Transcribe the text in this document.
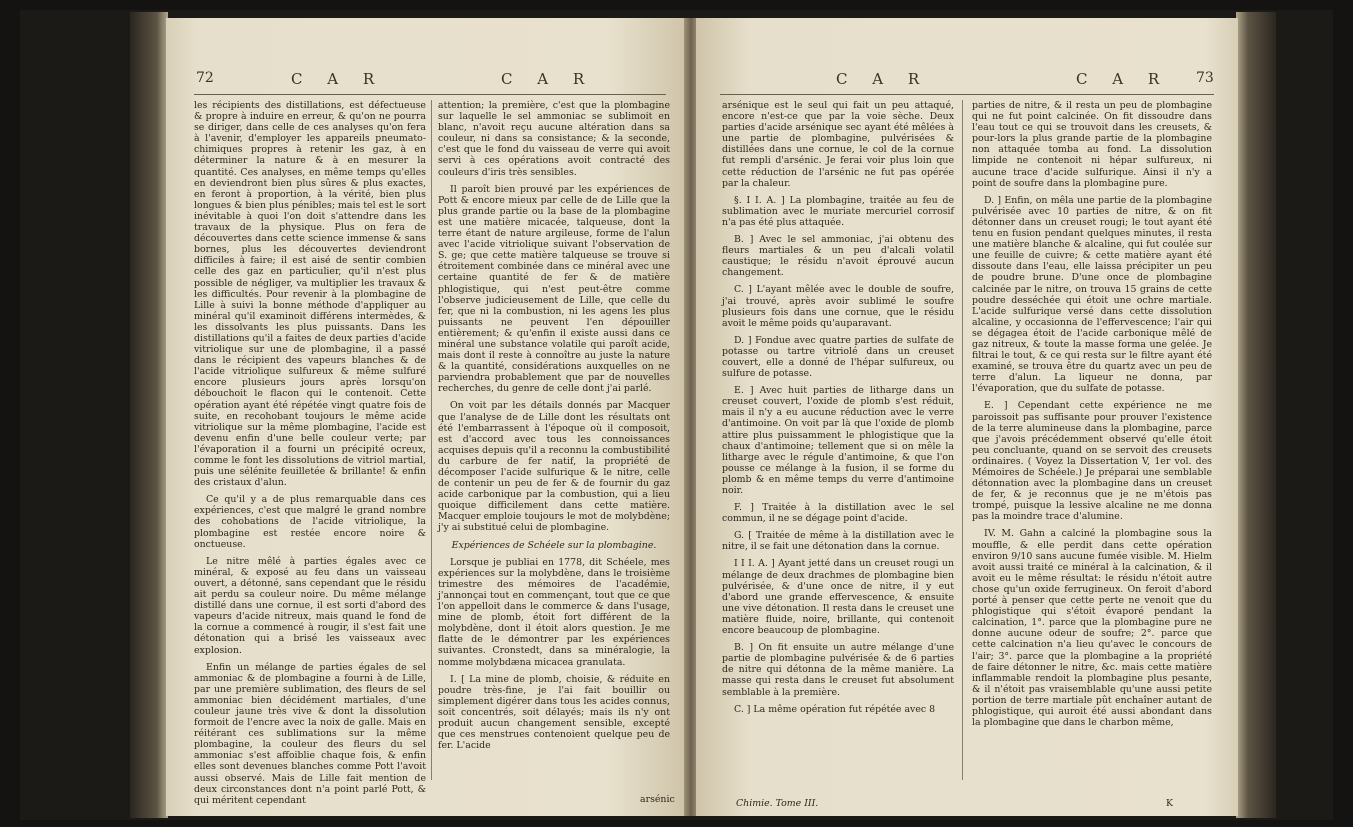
72	C A R	C A R

les récipients des distillations, est défectueuse & propre à induire en erreur, & qu'on ne pourra se diriger, dans celle de ces analyses qu'on fera à l'avenir, d'employer les appareils pneumato-chimiques propres à retenir les gaz, à en déterminer la nature & à en mesurer la quantité. Ces analyses, en même temps qu'elles en deviendront bien plus sûres & plus exactes, en feront à proportion, à la vérité, bien plus longues & bien plus pénibles; mais tel est le sort inévitable à quoi l'on doit s'attendre dans les travaux de la physique. Plus on fera de découvertes dans cette science immense & sans bornes, plus les découvertes deviendront difficiles à faire; il est aisé de sentir combien celle des gaz en particulier, qu'il n'est plus possible de négliger, va multiplier les travaux & les difficultés. Pour revenir à la plombagine de Lille à suivi la bonne méthode d'appliquer au minéral qu'il examinoit différens intermèdes, & les dissolvants les plus puissants. Dans les distillations qu'il a faites de deux parties d'acide vitriolique sur une de plombagine, il a passé dans le récipient des vapeurs blanches & de l'acide vitriolique sulfureux & même sulfuré encore plusieurs jours après lorsqu'on débouchoit le flacon qui le contenoit. Cette opération ayant été répétée vingt quatre fois de suite, en recohobant toujours le même acide vitriolique sur la même plombagine, l'acide est devenu enfin d'une belle couleur verte; par l'évaporation il a fourni un précipité ocreux, comme le font les dissolutions de vitriol martial, puis une sélénite feuilletée & brillante! & enfin des cristaux d'alun.

Ce qu'il y a de plus remarquable dans ces expériences, c'est que malgré le grand nombre des cohobations de l'acide vitriolique, la plombagine est restée encore noire & onctueuse.

Le nitre mêlé à parties égales avec ce minéral, & exposé au feu dans un vaisseau ouvert, a détonné, sans cependant que le résidu ait perdu sa couleur noire. Du même mélange distillé dans une cornue, il est sorti d'abord des vapeurs d'acide nitreux, mais quand le fond de la cornue a commencé à rougir, il s'est fait une détonation qui a brisé les vaisseaux avec explosion.

Enfin un mélange de parties égales de sel ammoniac & de plombagine a fourni à de Lille, par une première sublimation, des fleurs de sel ammoniac bien décidément martiales, d'une couleur jaune très vive & dont la dissolution formoit de l'encre avec la noix de galle. Mais en réitérant ces sublimations sur la même plombagine, la couleur des fleurs du sel ammoniac s'est affoiblie chaque fois, & enfin elles sont devenues blanches comme Pott l'avoit aussi observé. Mais de Lille fait mention de deux circonstances dont n'a point parlé Pott, & qui méritent cependant

attention; la première, c'est que la plombagine sur laquelle le sel ammoniac se sublimoit en blanc, n'avoit reçu aucune altération dans sa couleur, ni dans sa consistance; & la seconde, c'est que le fond du vaisseau de verre qui avoit servi à ces opérations avoit contracté des couleurs d'iris très sensibles.

Il paroît bien prouvé par les expériences de Pott & encore mieux par celle de de Lille que la plus grande partie ou la base de la plombagine est une matière micacée, talqueuse, dont la terre étant de nature argileuse, forme de l'alun avec l'acide vitriolique suivant l'observation de S. ge; que cette matière talqueuse se trouve si étroitement combinée dans ce minéral avec une certaine quantité de fer & de matière phlogistique, qui n'est peut-être comme l'observe judicieusement de Lille, que celle du fer, que ni la combustion, ni les agens les plus puissants ne peuvent l'en dépouiller entièrement; & qu'enfin il existe aussi dans ce minéral une substance volatile qui paroît acide, mais dont il reste à connoître au juste la nature & la quantité, considérations auxquelles on ne parviendra probablement que par de nouvelles recherches, du genre de celle dont j'ai parlé.

On voit par les détails donnés par Macquer que l'analyse de de Lille dont les résultats ont été l'embarrassent à l'époque où il composoit, est d'accord avec tous les connoissances acquises depuis qu'il a reconnu la combustibilité du carbure de fer natif, la propriété de décomposer l'acide sulfurique & le nitre, celle de contenir un peu de fer & de fournir du gaz acide carbonique par la combustion, qui a lieu quoique difficilement dans cette matière. Macquer emploie toujours le mot de molybdène; j'y ai substitué celui de plombagine.

Expériences de Schéele sur la plombagine.

Lorsque je publiai en 1778, dit Schéele, mes expériences sur la molybdène, dans le troisième trimestre des mémoires de l'académie, j'annonçai tout en commençant, tout que ce que l'on appelloit dans le commerce & dans l'usage, mine de plomb, étoit fort différent de la molybdène, dont il étoit alors question. Je me flatte de le démontrer par les expériences suivantes. Cronstedt, dans sa minéralogie, la nomme molybdæna micacea granulata.

I. [ La mine de plomb, choisie, & réduite en poudre très-fine, je l'ai fait bouillir ou simplement digérer dans tous les acides connus, soit concentrés, soit délayés; mais ils n'y ont produit aucun changement sensible, excepté que ces menstrues contenoient quelque peu de fer. L'acide

arsénic
C A R	C A R 73

arsénique est le seul qui fait un peu attaqué, encore n'est-ce que par la voie sèche. Deux parties d'acide arsénique sec ayant été mêlées à une partie de plombagine, pulvérisées & distillées dans une cornue, le col de la cornue fut rempli d'arsénic. Je ferai voir plus loin que cette réduction de l'arsénic ne fut pas opérée par la chaleur.

§. I I. A. ] La plombagine, traitée au feu de sublimation avec le muriate mercuriel corrosif n'a pas été plus attaquée.

B. ] Avec le sel ammoniac, j'ai obtenu des fleurs martiales & un peu d'alcali volatil caustique; le résidu n'avoit éprouvé aucun changement.

C. ] L'ayant mêlée avec le double de soufre, j'ai trouvé, après avoir sublimé le soufre plusieurs fois dans une cornue, que le résidu avoit le même poids qu'auparavant.

D. ] Fondue avec quatre parties de sulfate de potasse ou tartre vitriolé dans un creuset couvert, elle a donné de l'hépar sulfureux, ou sulfure de potasse.

E. ] Avec huit parties de litharge dans un creuset couvert, l'oxide de plomb s'est réduit, mais il n'y a eu aucune réduction avec le verre d'antimoine. On voit par là que l'oxide de plomb attire plus puissamment le phlogistique que la chaux d'antimoine; tellement que si on mêle la litharge avec le régule d'antimoine, & que l'on pousse ce mélange à la fusion, il se forme du plomb & en même temps du verre d'antimoine noir.

F. ] Traitée à la distillation avec le sel commun, il ne se dégage point d'acide.

G. [ Traitée de même à la distillation avec le nitre, il se fait une détonation dans la cornue.

I I I. A. ] Ayant jetté dans un creuset rougi un mélange de deux drachmes de plombagine bien pulvérisée, & d'une once de nitre, il y eut d'abord une grande effervescence, & ensuite une vive détonation. Il resta dans le creuset une matière fluide, noire, brillante, qui contenoit encore beaucoup de plombagine.

B. ] On fit ensuite un autre mélange d'une partie de plombagine pulvérisée & de 6 parties de nitre qui détonna de la même manière. La masse qui resta dans le creuset fut absolument semblable à la première.

C. ] La même opération fut répétée avec 8

parties de nitre, & il resta un peu de plombagine qui ne fut point calcinée. On fit dissoudre dans l'eau tout ce qui se trouvoit dans les creusets, & pour-lors la plus grande partie de la plombagine non attaquée tomba au fond. La dissolution limpide ne contenoit ni hépar sulfureux, ni aucune trace d'acide sulfurique. Ainsi il n'y a point de soufre dans la plombagine pure.

D. ] Enfin, on mêla une partie de la plombagine pulvérisée avec 10 parties de nitre, & on fit détonner dans un creuset rougi; le tout ayant été tenu en fusion pendant quelques minutes, il resta une matière blanche & alcaline, qui fut coulée sur une feuille de cuivre; & cette matière ayant été dissoute dans l'eau, elle laissa précipiter un peu de poudre brune. D'une once de plombagine calcinée par le nitre, on trouva 15 grains de cette poudre desséchée qui étoit une ochre martiale. L'acide sulfurique versé dans cette dissolution alcaline, y occasionna de l'effervescence; l'air qui se dégagea étoit de l'acide carbonique mêlé de gaz nitreux, & toute la masse forma une gelée. Je filtrai le tout, & ce qui resta sur le filtre ayant été examiné, se trouva être du quartz avec un peu de terre d'alun. La liqueur ne donna, par l'évaporation, que du sulfate de potasse.

E. ] Cependant cette expérience ne me paroissoit pas suffisante pour prouver l'existence de la terre alumineuse dans la plombagine, parce que j'avois précédemment observé qu'elle étoit peu concluante, quand on se servoit des creusets ordinaires. ( Voyez la Dissertation V, 1er vol. des Mémoires de Schéele.) Je préparai une semblable détonnation avec la plombagine dans un creuset de fer, & je reconnus que je ne m'étois pas trompé, puisque la lessive alcaline ne me donna pas la moindre trace d'alumine.

IV. M. Gahn a calciné la plombagine sous la mouffle, & elle perdit dans cette opération environ 9/10 sans aucune fumée visible. M. Hielm avoit aussi traité ce minéral à la calcination, & il avoit eu le même résultat: le résidu n'étoit autre chose qu'un oxide ferrugineux. On feroit d'abord porté à penser que cette perte ne venoit que du phlogistique qui s'étoit évaporé pendant la calcination, 1°. parce que la plombagine pure ne donne aucune odeur de soufre; 2°. parce que cette calcination n'a lieu qu'avec le concours de l'air; 3°. parce que la plombagine a la propriété de faire détonner le nitre, &c. mais cette matière inflammable rendoit la plombagine plus pesante, & il n'étoit pas vraisemblable qu'une aussi petite portion de terre martiale pût enchaîner autant de phlogistique, qui auroit été aussi abondant dans la plombagine que dans le charbon même,

Chimie. Tome III.	K
